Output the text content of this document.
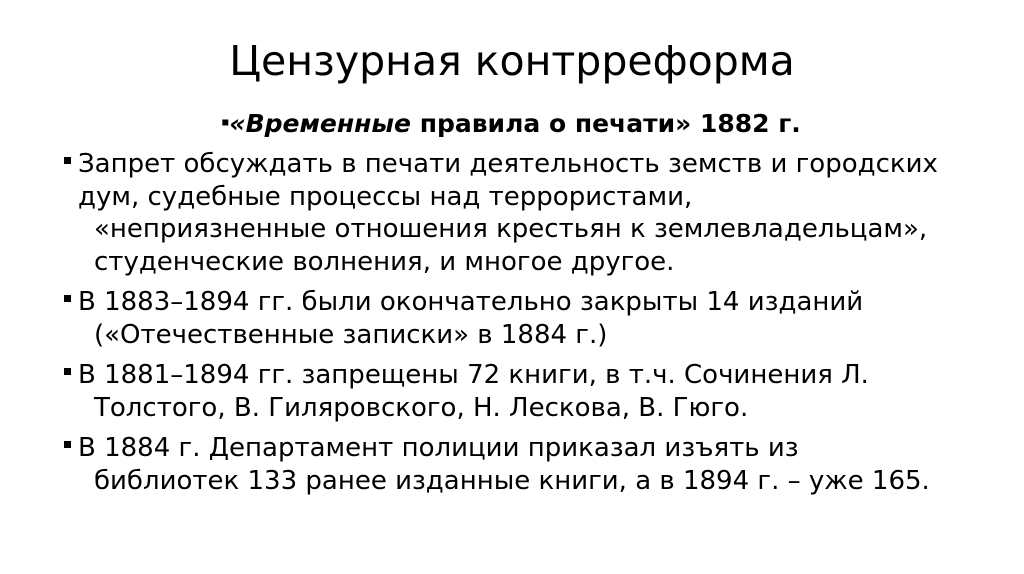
Цензурная контрреформа
▪«Временные правила о печати» 1882 г.
Запрет обсуждать в печати деятельность земств и городских
дум, судебные процессы над террористами,
«неприязненные отношения крестьян к землевладельцам»,
студенческие волнения, и многое другое.
В 1883–1894 гг. были окончательно закрыты 14 изданий
(«Отечественные записки» в 1884 г.)
В 1881–1894 гг. запрещены 72 книги, в т.ч. Сочинения Л.
Толстого, В. Гиляровского, Н. Лескова, В. Гюго.
В 1884 г. Департамент полиции приказал изъять из
библиотек 133 ранее изданные книги, а в 1894 г. – уже 165.
